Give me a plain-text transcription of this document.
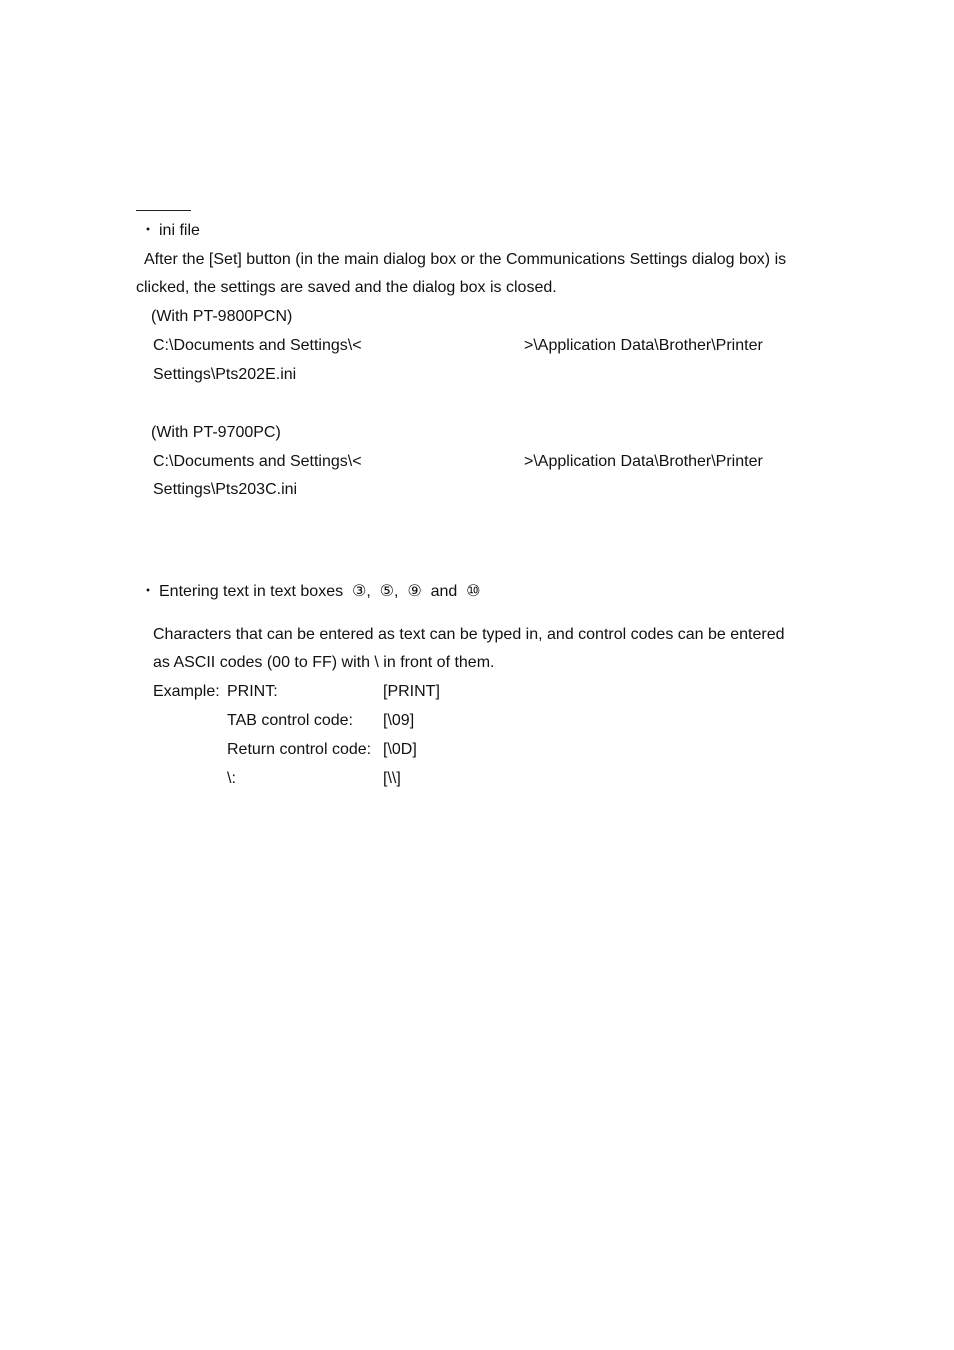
・ ini file
After the [Set] button (in the main dialog box or the Communications Settings dialog box) is
clicked, the settings are saved and the dialog box is closed.
(With PT-9800PCN)
C:\Documents and Settings\<	>\Application Data\Brother\Printer
Settings\Pts202E.ini
(With PT-9700PC)
C:\Documents and Settings\<	>\Application Data\Brother\Printer
Settings\Pts203C.ini
・ Entering text in text boxes  ③,  ⑤,  ⑨  and  ⑩
Characters that can be entered as text can be typed in, and control codes can be entered
as ASCII codes (00 to FF) with \ in front of them.
Example: PRINT:	[PRINT]
TAB control code: [\09]
Return control code: [\0D]
\:	[\\]
